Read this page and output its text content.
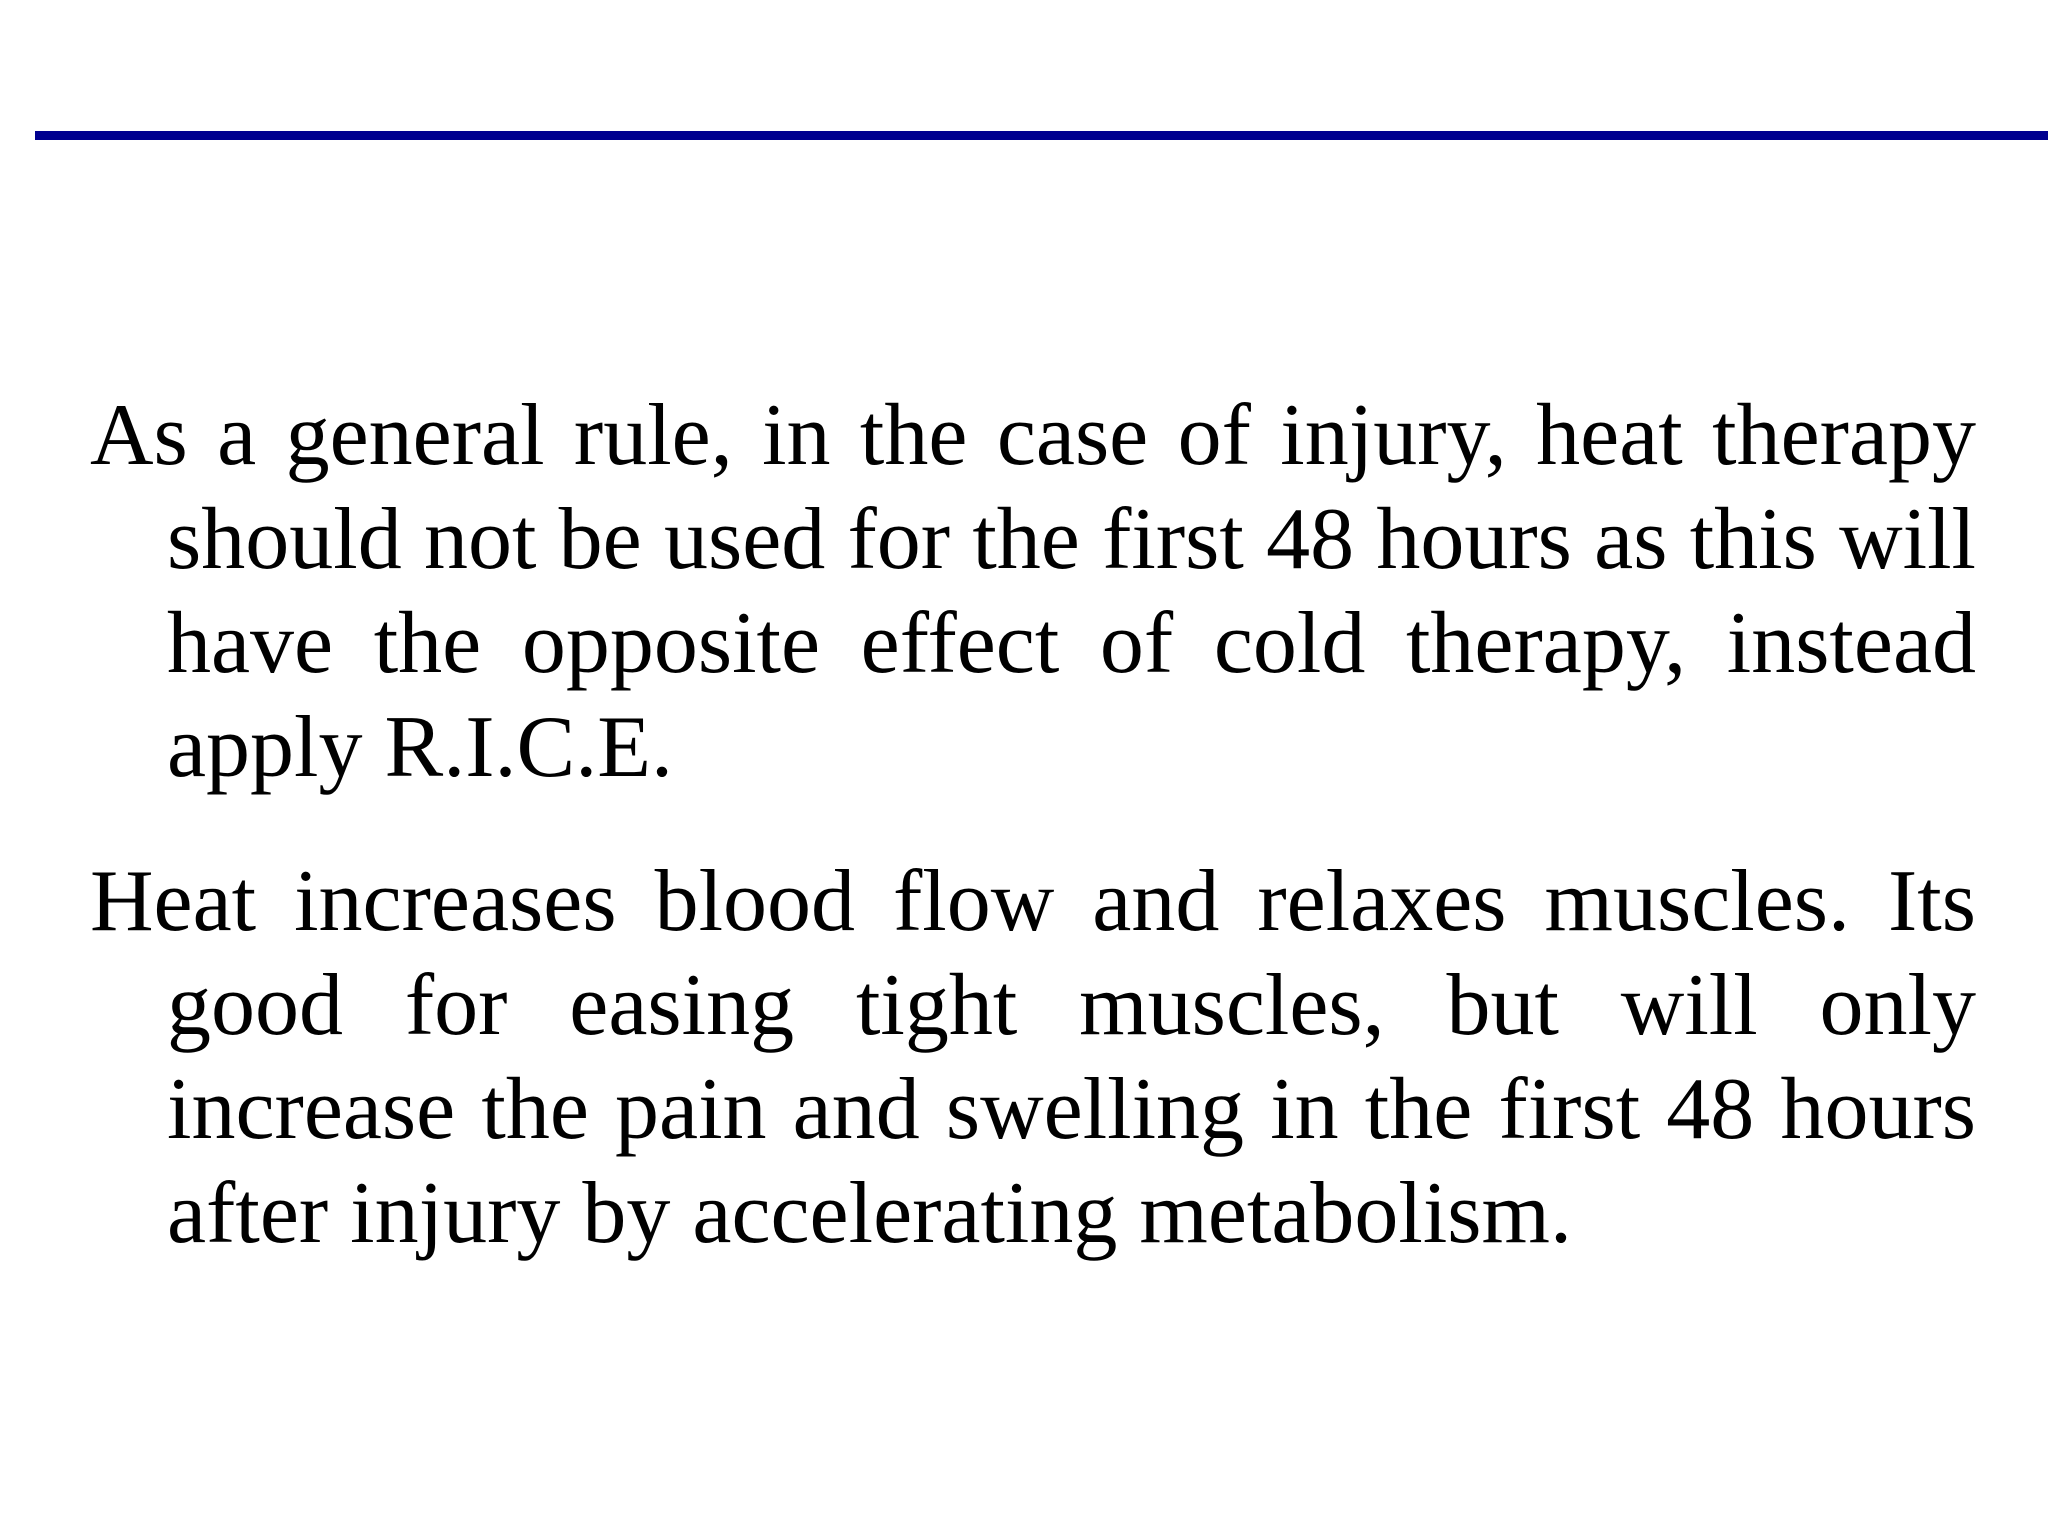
As a general rule, in the case of injury, heat therapy should not be used for the first 48 hours as this will have the opposite effect of cold therapy, instead apply R.I.C.E.

Heat increases blood flow and relaxes muscles. Its good for easing tight muscles, but will only increase the pain and swelling in the first 48 hours after injury by accelerating metabolism.
